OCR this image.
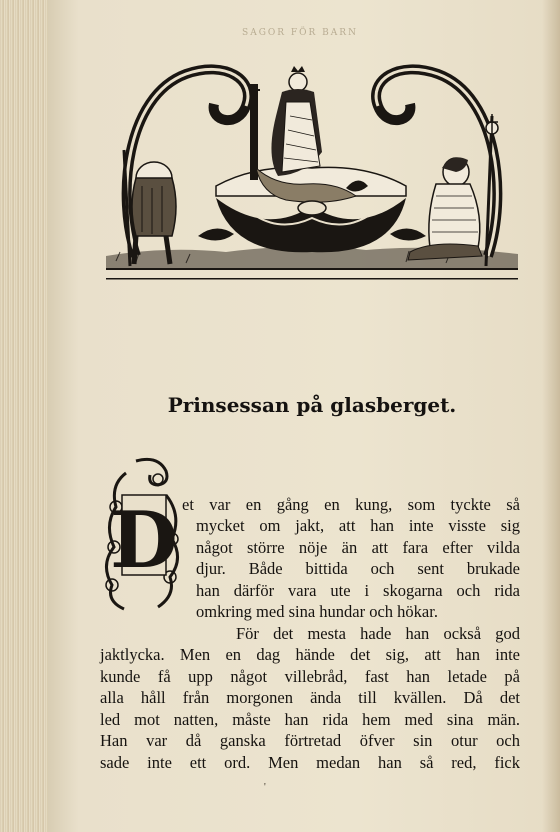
SAGOR FÖR BARN
Prinsessan på glasberget.
D et var en gång en kung, som tyckte så

mycket om jakt, att han inte visste sig

något större nöje än att fara efter vilda

djur. Både bittida och sent brukade

han därför vara ute i skogarna och rida

omkring med sina hundar och hökar.

För det mesta hade han också god

jaktlycka. Men en dag hände det sig, att han inte

kunde få upp något villebråd, fast han letade på

alla håll från morgonen ända till kvällen. Då det

led mot natten, måste han rida hem med sina män.

Han var då ganska förtretad öfver sin otur och

sade inte ett ord. Men medan han så red, fick

'
